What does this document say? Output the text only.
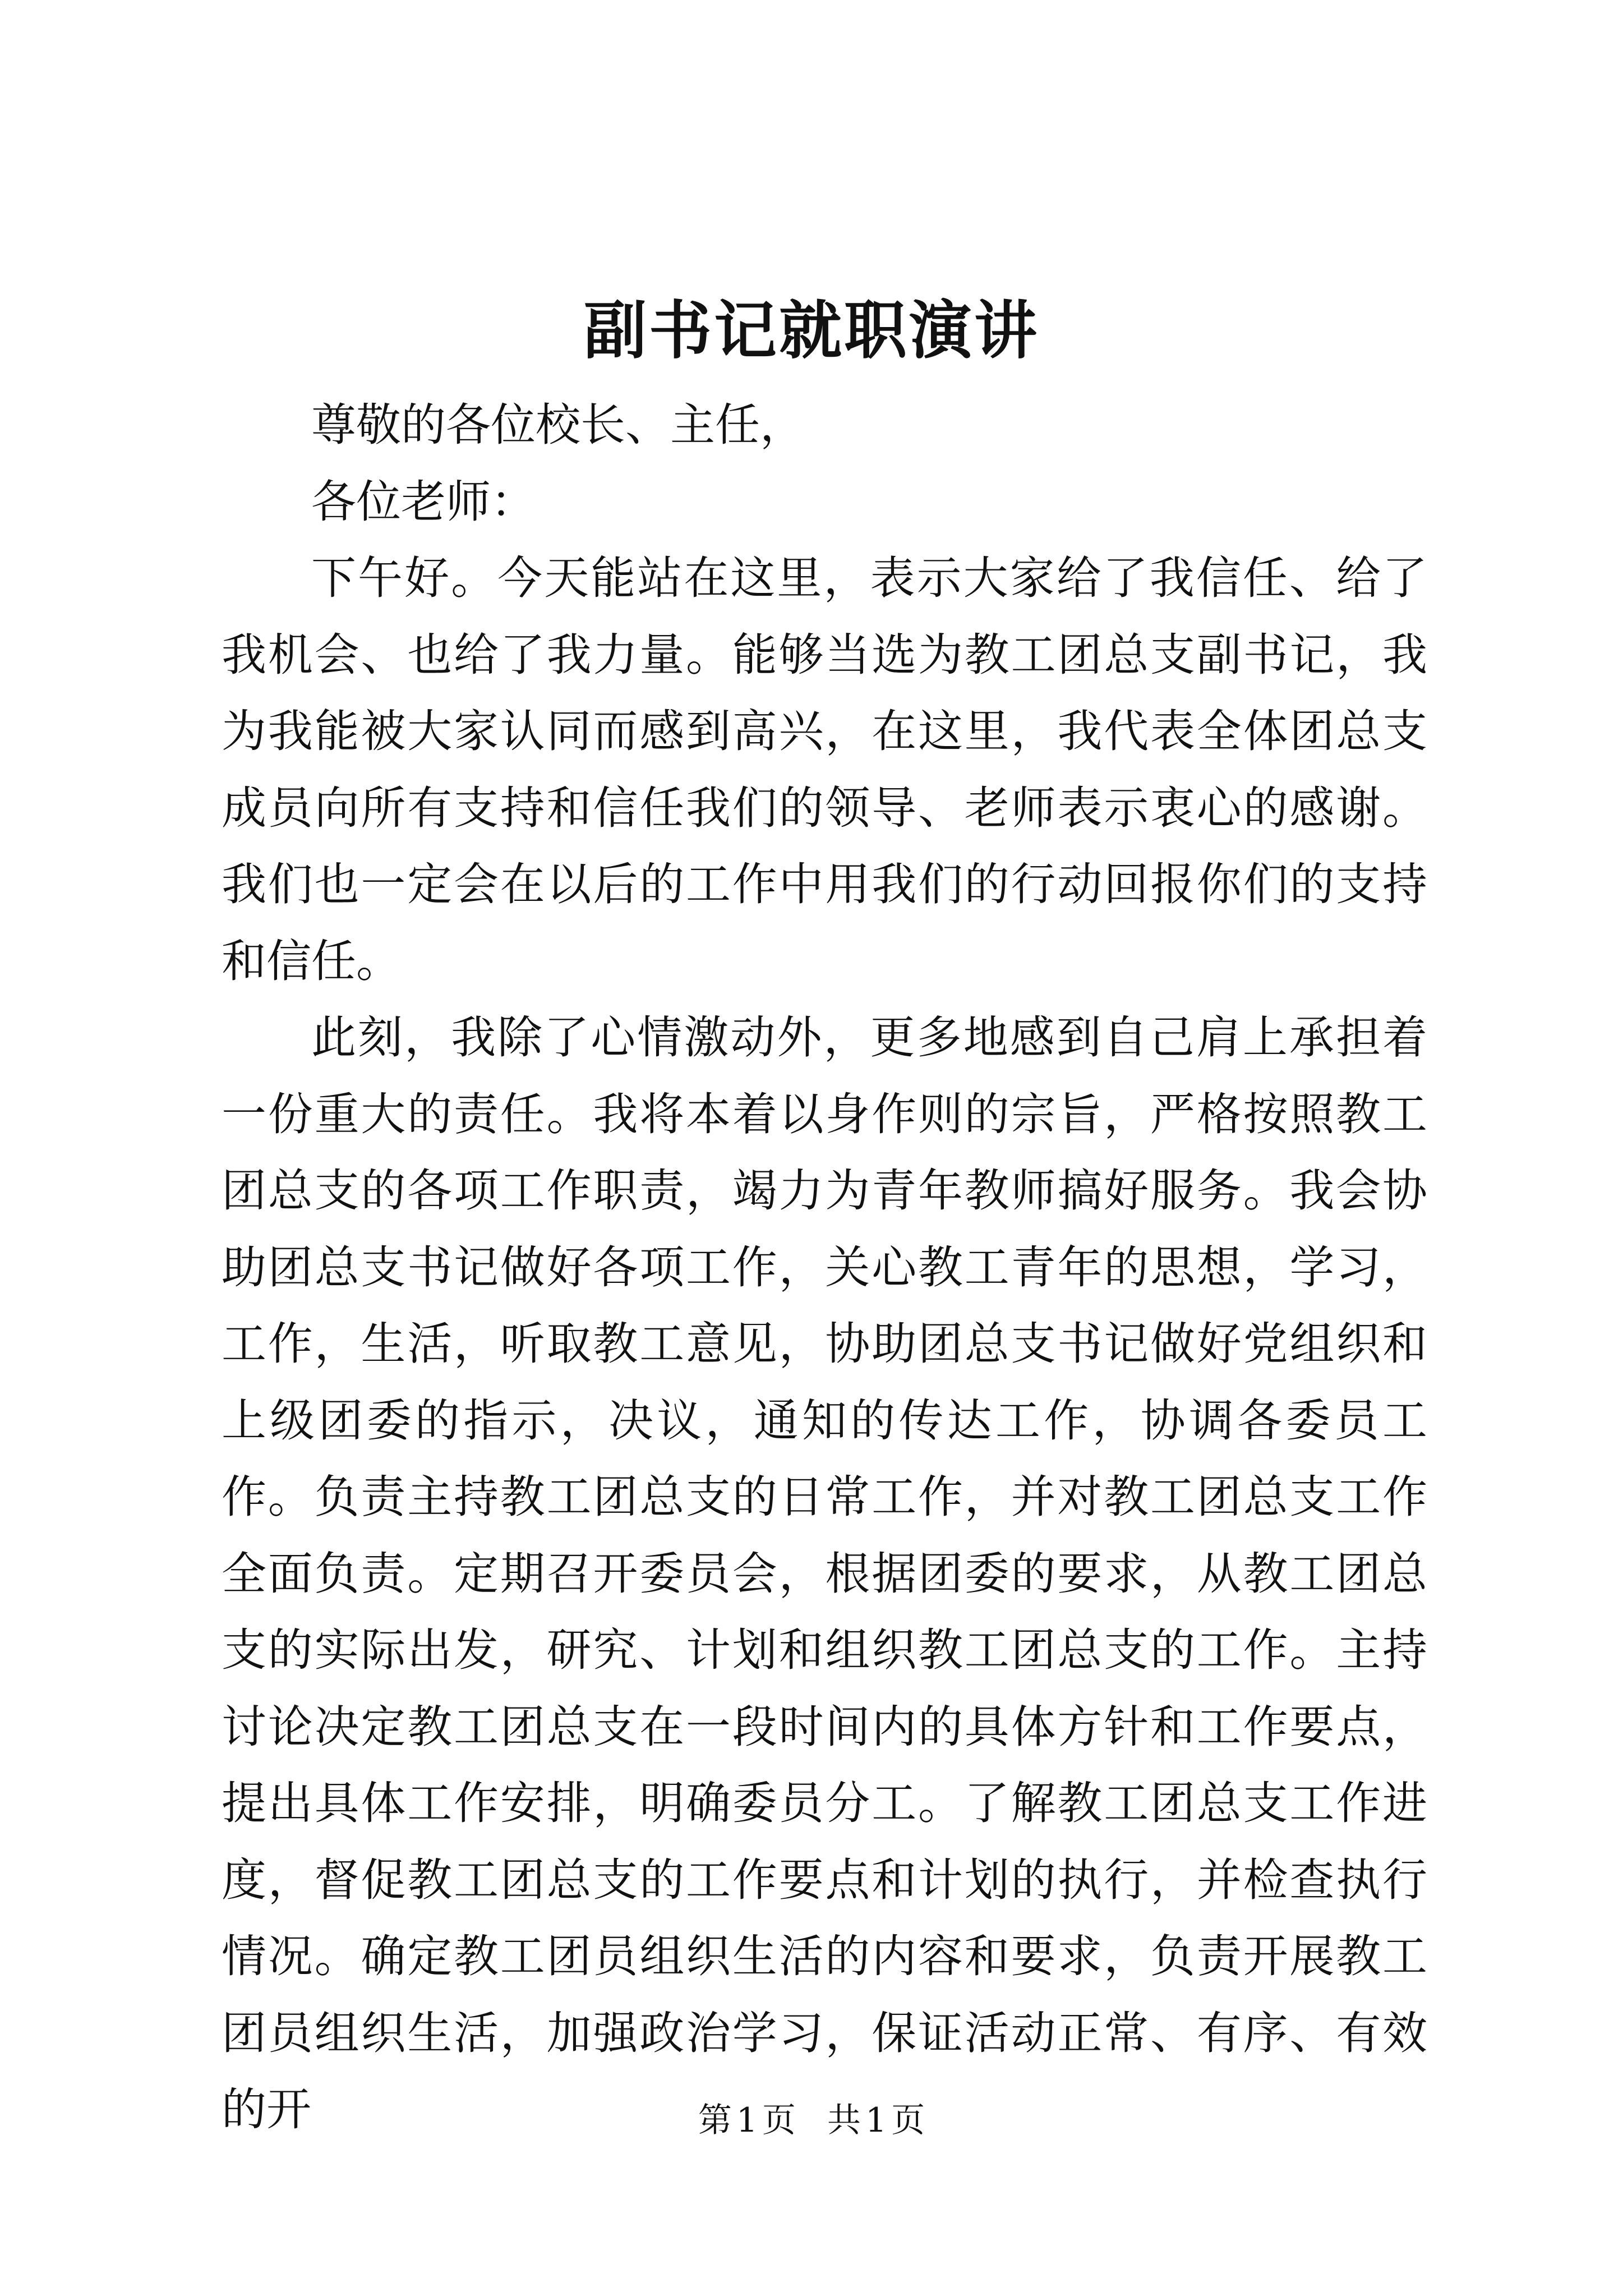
副书记就职演讲

尊敬的各位校长、主任，

各位老师：

下午好。今天能站在这里，表示大家给了我信任、给了我机会、也给了我力量。能够当选为教工团总支副书记，我为我能被大家认同而感到高兴，在这里，我代表全体团总支成员向所有支持和信任我们的领导、老师表示衷心的感谢。我们也一定会在以后的工作中用我们的行动回报你们的支持和信任。

此刻，我除了心情激动外，更多地感到自己肩上承担着一份重大的责任。我将本着以身作则的宗旨，严格按照教工团总支的各项工作职责，竭力为青年教师搞好服务。我会协助团总支书记做好各项工作，关心教工青年的思想，学习，工作，生活，听取教工意见，协助团总支书记做好党组织和上级团委的指示，决议，通知的传达工作，协调各委员工作。负责主持教工团总支的日常工作，并对教工团总支工作全面负责。定期召开委员会，根据团委的要求，从教工团总支的实际出发，研究、计划和组织教工团总支的工作。主持讨论决定教工团总支在一段时间内的具体方针和工作要点，提出具体工作安排，明确委员分工。了解教工团总支工作进度，督促教工团总支的工作要点和计划的执行，并检查执行情况。确定教工团员组织生活的内容和要求，负责开展教工团员组织生活，加强政治学习，保证活动正常、有序、有效的开	第 1 页 共 1 页
